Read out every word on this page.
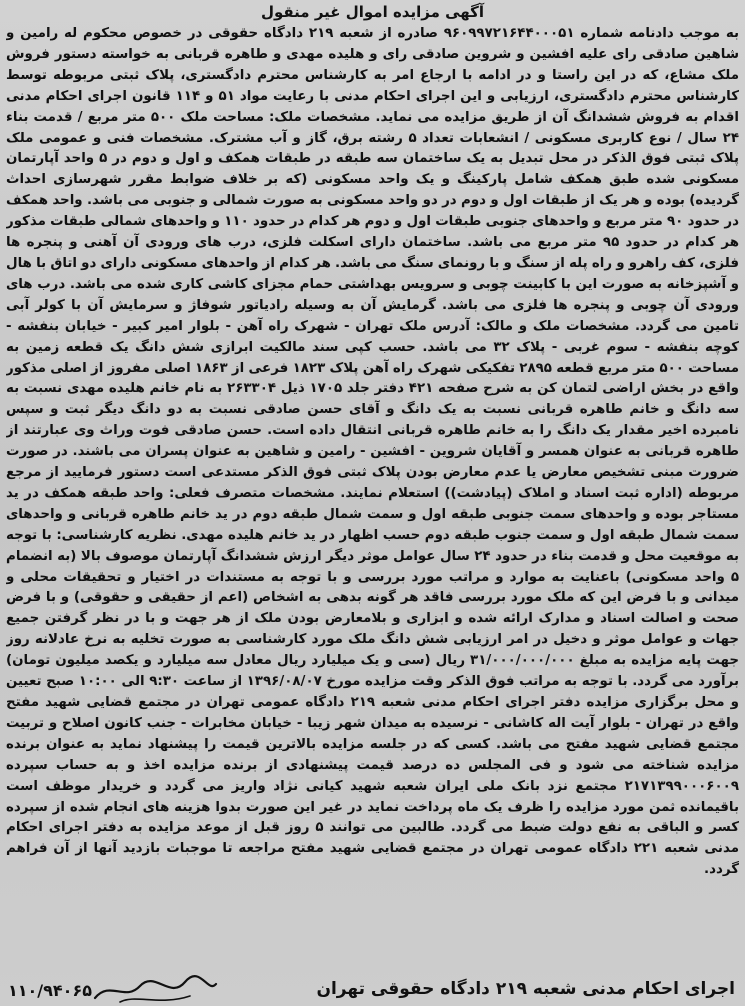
آگهی مزایده اموال غیر منقول

به موجب دادنامه شماره ۹۶۰۹۹۷۲۱۶۴۴۰۰۰۵۱ صادره از شعبه ۲۱۹ دادگاه حقوقی در خصوص محکوم له رامین و شاهین صادقی رای علیه افشین و شروین صادقی رای و هلیده مهدی و طاهره قربانی به خواسته دستور فروش ملک مشاع، که در این راستا و در ادامه با ارجاع امر به کارشناس محترم دادگستری، پلاک ثبتی مربوطه توسط کارشناس محترم دادگستری، ارزیابی و این اجرای احکام مدنی با رعایت مواد ۵۱ و ۱۱۴ قانون اجرای احکام مدنی اقدام به فروش ششدانگ آن از طریق مزایده می نماید. مشخصات ملک: مساحت ملک ۵۰۰ متر مربع / قدمت بناء ۲۴ سال / نوع کاربری مسکونی / انشعابات تعداد ۵ رشته برق، گاز و آب مشترک. مشخصات فنی و عمومی ملک پلاک ثبتی فوق الذکر در محل تبدیل به یک ساختمان سه طبقه در طبقات همکف و اول و دوم در ۵ واحد آپارتمان مسکونی شده طبق همکف شامل پارکینگ و یک واحد مسکونی (که بر خلاف ضوابط مقرر شهرسازی احداث گردیده) بوده و هر یک از طبقات اول و دوم در دو واحد مسکونی به صورت شمالی و جنوبی می باشد. واحد همکف در حدود ۹۰ متر مربع و واحدهای جنوبی طبقات اول و دوم هر کدام در حدود ۱۱۰ و واحدهای شمالی طبقات مذکور هر کدام در حدود ۹۵ متر مربع می باشد. ساختمان دارای اسکلت فلزی، درب های ورودی آن آهنی و پنجره ها فلزی، کف راهرو و راه پله از سنگ و با رونمای سنگ می باشد. هر کدام از واحدهای مسکونی دارای دو اتاق با هال و آشپزخانه به صورت این با کابینت چوبی و سرویس بهداشتی حمام مجزای کاشی کاری شده می باشد. درب های ورودی آن چوبی و پنجره ها فلزی می باشد. گرمایش آن به وسیله رادیاتور شوفاژ و سرمایش آن با کولر آبی تامین می گردد. مشخصات ملک و مالک: آدرس ملک تهران - شهرک راه آهن - بلوار امیر کبیر - خیابان بنفشه - کوچه بنفشه - سوم غربی - پلاک ۳۲ می باشد. حسب کپی سند مالکیت ابرازی شش دانگ یک قطعه زمین به مساحت ۵۰۰ متر مربع قطعه ۲۸۹۵ تفکیکی شهرک راه آهن پلاک ۱۸۲۳ فرعی از ۱۸۶۳ اصلی مفروز از اصلی مذکور واقع در بخش اراضی لتمان کن به شرح صفحه ۴۲۱ دفتر جلد ۱۷۰۵ ذیل ۲۶۳۳۰۴ به نام خانم هلیده مهدی نسبت به سه دانگ و خانم طاهره قربانی نسبت به یک دانگ و آقای حسن صادقی نسبت به دو دانگ دیگر ثبت و سپس نامبرده اخیر مقدار یک دانگ را به خانم طاهره قربانی انتقال داده است. حسن صادقی فوت وراث وی عبارتند از طاهره قربانی به عنوان همسر و آقایان شروین - افشین - رامین و شاهین به عنوان پسران می باشند. در صورت ضرورت مبنی تشخیص معارض یا عدم معارض بودن پلاک ثبتی فوق الذکر مستدعی است دستور فرمایید از مرجع مربوطه (اداره ثبت اسناد و املاک (پیادشت)) استعلام نمایند. مشخصات متصرف فعلی: واحد طبقه همکف در ید مستاجر بوده و واحدهای سمت جنوبی طبقه اول و سمت شمال طبقه دوم در ید خانم طاهره قربانی و واحدهای سمت شمال طبقه اول و سمت جنوب طبقه دوم حسب اظهار در ید خانم هلیده مهدی. نظریه کارشناسی: با توجه به موقعیت محل و قدمت بناء در حدود ۲۴ سال عوامل موثر دیگر ارزش ششدانگ آپارتمان موصوف بالا (به انضمام ۵ واحد مسکونی) باعنایت به موارد و مراتب مورد بررسی و با توجه به مستندات در اختیار و تحقیقات محلی و میدانی و با فرض این که ملک مورد بررسی فاقد هر گونه بدهی به اشخاص (اعم از حقیقی و حقوقی) و با فرض صحت و اصالت اسناد و مدارک ارائه شده و ابزاری و بلامعارض بودن ملک از هر جهت و با در نظر گرفتن جمیع جهات و عوامل موثر و دخیل در امر ارزیابی شش دانگ ملک مورد کارشناسی به صورت تخلیه به نرخ عادلانه روز جهت پایه مزایده به مبلغ ۳۱/۰۰۰/۰۰۰/۰۰۰ ریال (سی و یک میلیارد ریال معادل سه میلیارد و یکصد میلیون تومان) برآورد می گردد. با توجه به مراتب فوق الذکر وقت مزایده مورخ ۱۳۹۶/۰۸/۰۷ از ساعت ۹:۳۰ الی ۱۰:۰۰ صبح تعیین و محل برگزاری مزایده دفتر اجرای احکام مدنی شعبه ۲۱۹ دادگاه عمومی تهران در مجتمع قضایی شهید مفتح واقع در تهران - بلوار آیت اله کاشانی - نرسیده به میدان شهر زیبا - خیابان مخابرات - جنب کانون اصلاح و تربیت مجتمع قضایی شهید مفتح می باشد. کسی که در جلسه مزایده بالاترین قیمت را پیشنهاد نماید به عنوان برنده مزایده شناخته می شود و فی المجلس ده درصد قیمت پیشنهادی از برنده مزایده اخذ و به حساب سپرده ۲۱۷۱۳۹۹۰۰۰۶۰۰۹ مجتمع نزد بانک ملی ایران شعبه شهید کیانی نژاد واریز می گردد و خریدار موظف است باقیمانده ثمن مورد مزایده را ظرف یک ماه پرداخت نماید در غیر این صورت بدوا هزینه های انجام شده از سپرده کسر و الباقی به نفع دولت ضبط می گردد. طالبین می توانند ۵ روز قبل از موعد مزایده به دفتر اجرای احکام مدنی شعبه ۲۲۱ دادگاه عمومی تهران در مجتمع قضایی شهید مفتح مراجعه تا موجبات بازدید آنها از آن فراهم گردد.

اجرای احکام مدنی شعبه ۲۱۹ دادگاه حقوقی تهران
۱۱۰/۹۴۰۶۵
